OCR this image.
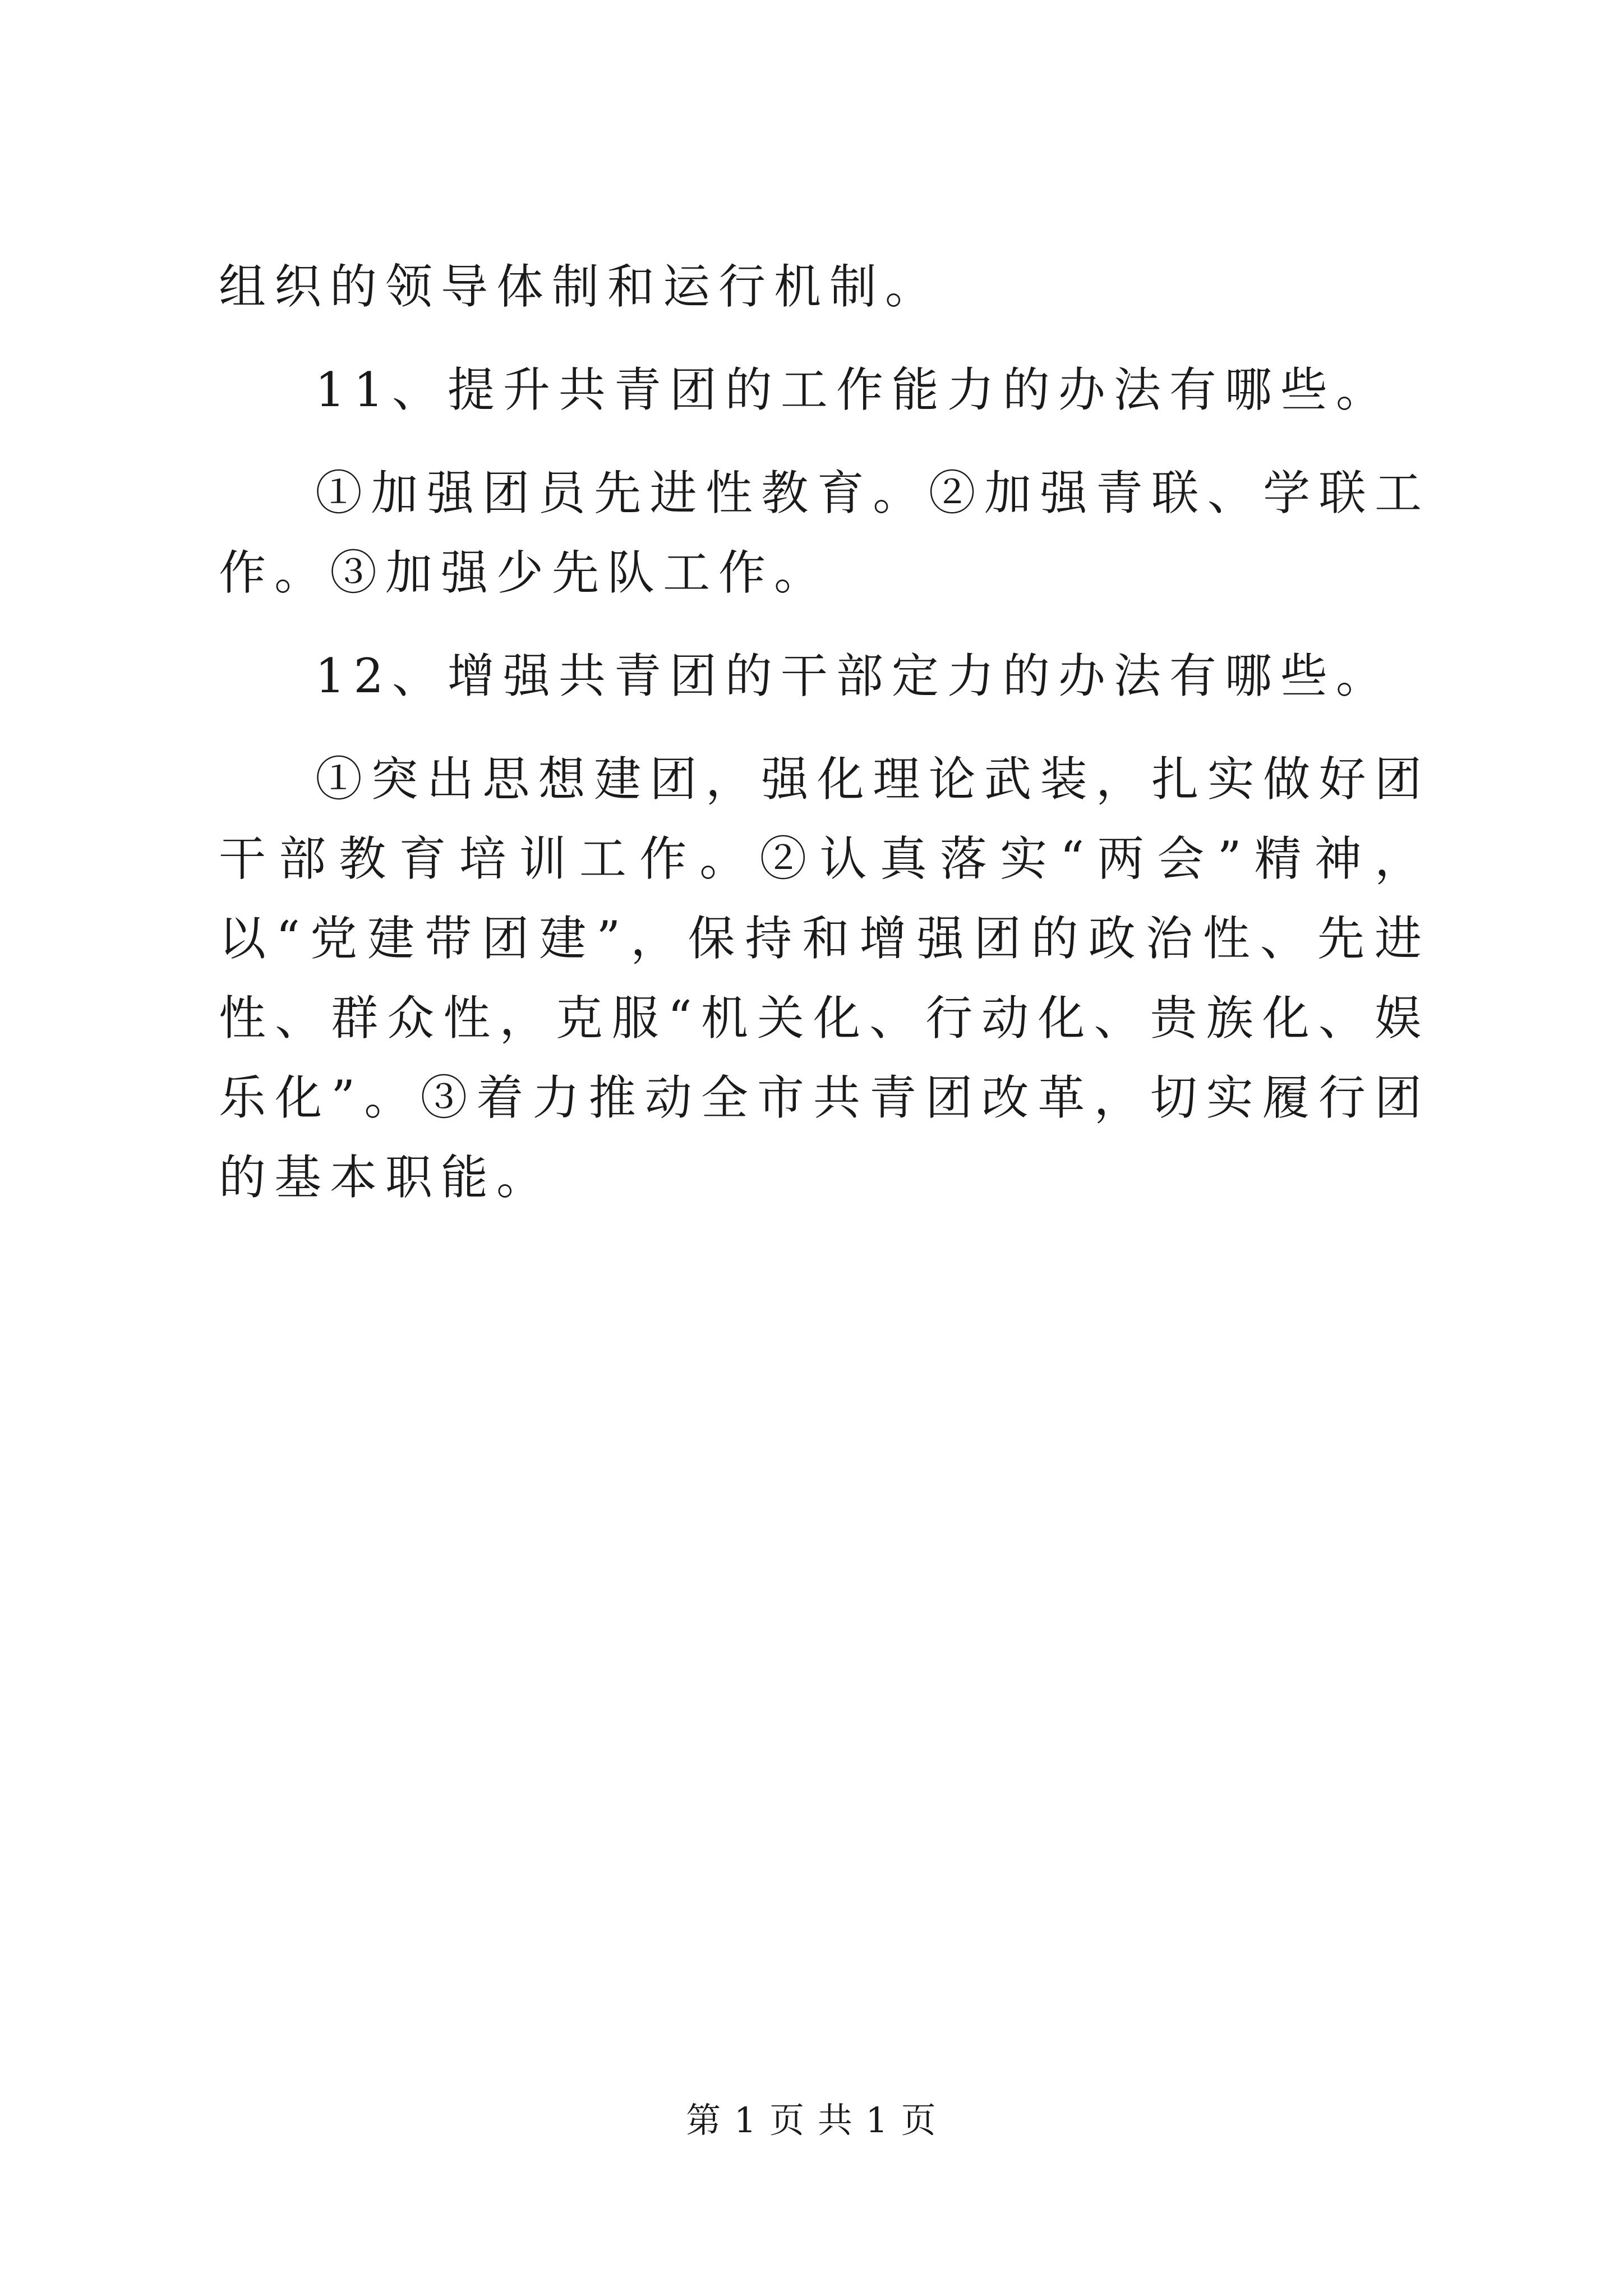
组织的领导体制和运行机制。

11、提升共青团的工作能力的办法有哪些。

①加强团员先进性教育。②加强青联、学联工作。③加强少先队工作。

12、增强共青团的干部定力的办法有哪些。

①突出思想建团，强化理论武装，扎实做好团干部教育培训工作。②认真落实“两会”精神，以“党建带团建”，保持和增强团的政治性、先进性、群众性，克服“机关化、行动化、贵族化、娱乐化”。③着力推动全市共青团改革，切实履行团的基本职能。

第 1 页 共 1 页
